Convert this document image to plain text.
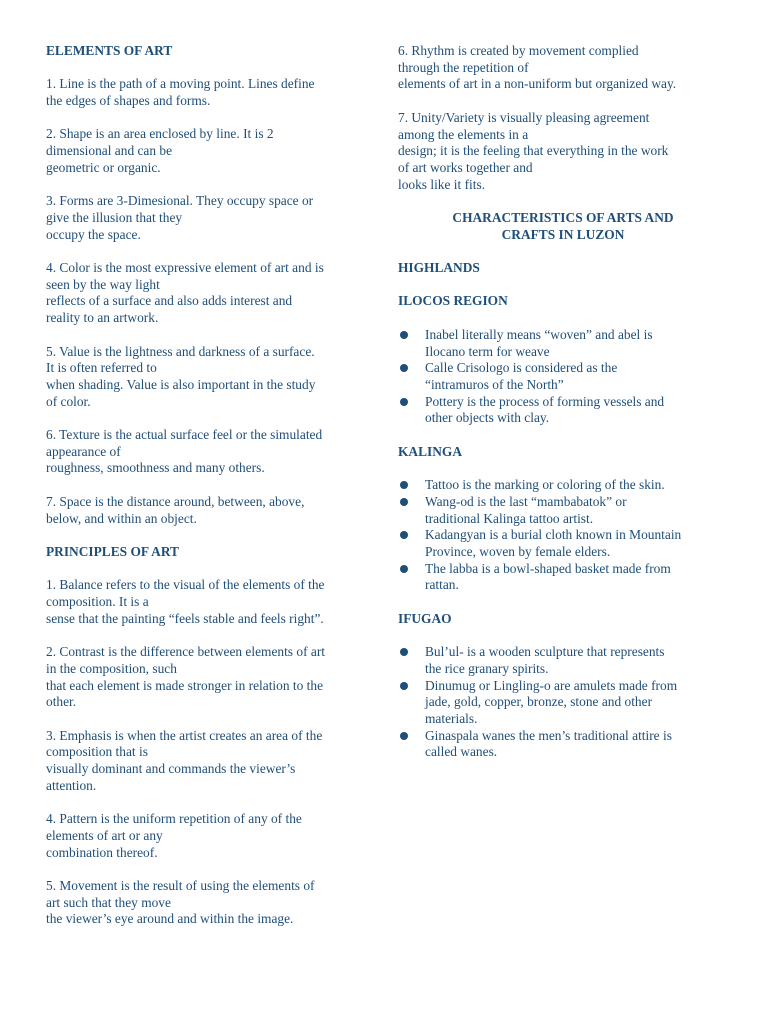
ELEMENTS OF ART
1. Line is the path of a moving point. Lines define
the edges of shapes and forms.
2. Shape is an area enclosed by line. It is 2
dimensional and can be
geometric or organic.
3. Forms are 3-Dimesional. They occupy space or
give the illusion that they
occupy the space.
4. Color is the most expressive element of art and is
seen by the way light
reflects of a surface and also adds interest and
reality to an artwork.
5. Value is the lightness and darkness of a surface.
It is often referred to
when shading. Value is also important in the study
of color.
6. Texture is the actual surface feel or the simulated
appearance of
roughness, smoothness and many others.
7. Space is the distance around, between, above,
below, and within an object.
PRINCIPLES OF ART
1. Balance refers to the visual of the elements of the
composition. It is a
sense that the painting “feels stable and feels right”.
2. Contrast is the difference between elements of art
in the composition, such
that each element is made stronger in relation to the
other.
3. Emphasis is when the artist creates an area of the
composition that is
visually dominant and commands the viewer’s
attention.
4. Pattern is the uniform repetition of any of the
elements of art or any
combination thereof.
5. Movement is the result of using the elements of
art such that they move
the viewer’s eye around and within the image.
6. Rhythm is created by movement complied
through the repetition of
elements of art in a non-uniform but organized way.
7. Unity/Variety is visually pleasing agreement
among the elements in a
design; it is the feeling that everything in the work
of art works together and
looks like it fits.
CHARACTERISTICS OF ARTS AND
CRAFTS IN LUZON
HIGHLANDS
ILOCOS REGION
Inabel literally means “woven” and abel is
Ilocano term for weave
Calle Crisologo is considered as the
“intramuros of the North”
Pottery is the process of forming vessels and
other objects with clay.
KALINGA
Tattoo is the marking or coloring of the skin.
Wang-od is the last “mambabatok” or
traditional Kalinga tattoo artist.
Kadangyan is a burial cloth known in Mountain
Province, woven by female elders.
The labba is a bowl-shaped basket made from
rattan.
IFUGAO
Bul’ul- is a wooden sculpture that represents
the rice granary spirits.
Dinumug or Lingling-o are amulets made from
jade, gold, copper, bronze, stone and other
materials.
Ginaspala wanes the men’s traditional attire is
called wanes.
